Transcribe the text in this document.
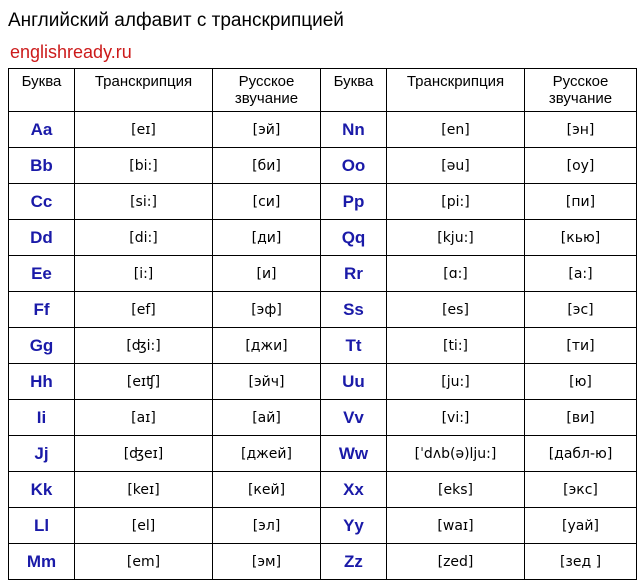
Английский алфавит с транскрипцией
englishready.ru
Буква	Транскрипция	Русское звучание	Буква	Транскрипция	Русское звучание
Aa	[eɪ]	[эй]	Nn	[en]	[эн]
Bb	[bi:]	[би]	Oo	[əu]	[оу]
Cc	[si:]	[си]	Pp	[pi:]	[пи]
Dd	[di:]	[ди]	Qq	[kju:]	[кью]
Ee	[i:]	[и]	Rr	[ɑ:]	[а:]
Ff	[ef]	[эф]	Ss	[es]	[эс]
Gg	[ʤi:]	[джи]	Tt	[ti:]	[ти]
Hh	[eɪʧ]	[эйч]	Uu	[ju:]	[ю]
Ii	[aɪ]	[ай]	Vv	[vi:]	[ви]
Jj	[ʤeɪ]	[джей]	Ww	[ˈdʌb(ə)lju:]	[дабл-ю]
Kk	[keɪ]	[кей]	Xx	[eks]	[экс]
Ll	[el]	[эл]	Yy	[waɪ]	[уай]
Mm	[em]	[эм]	Zz	[zed]	[зед ]
